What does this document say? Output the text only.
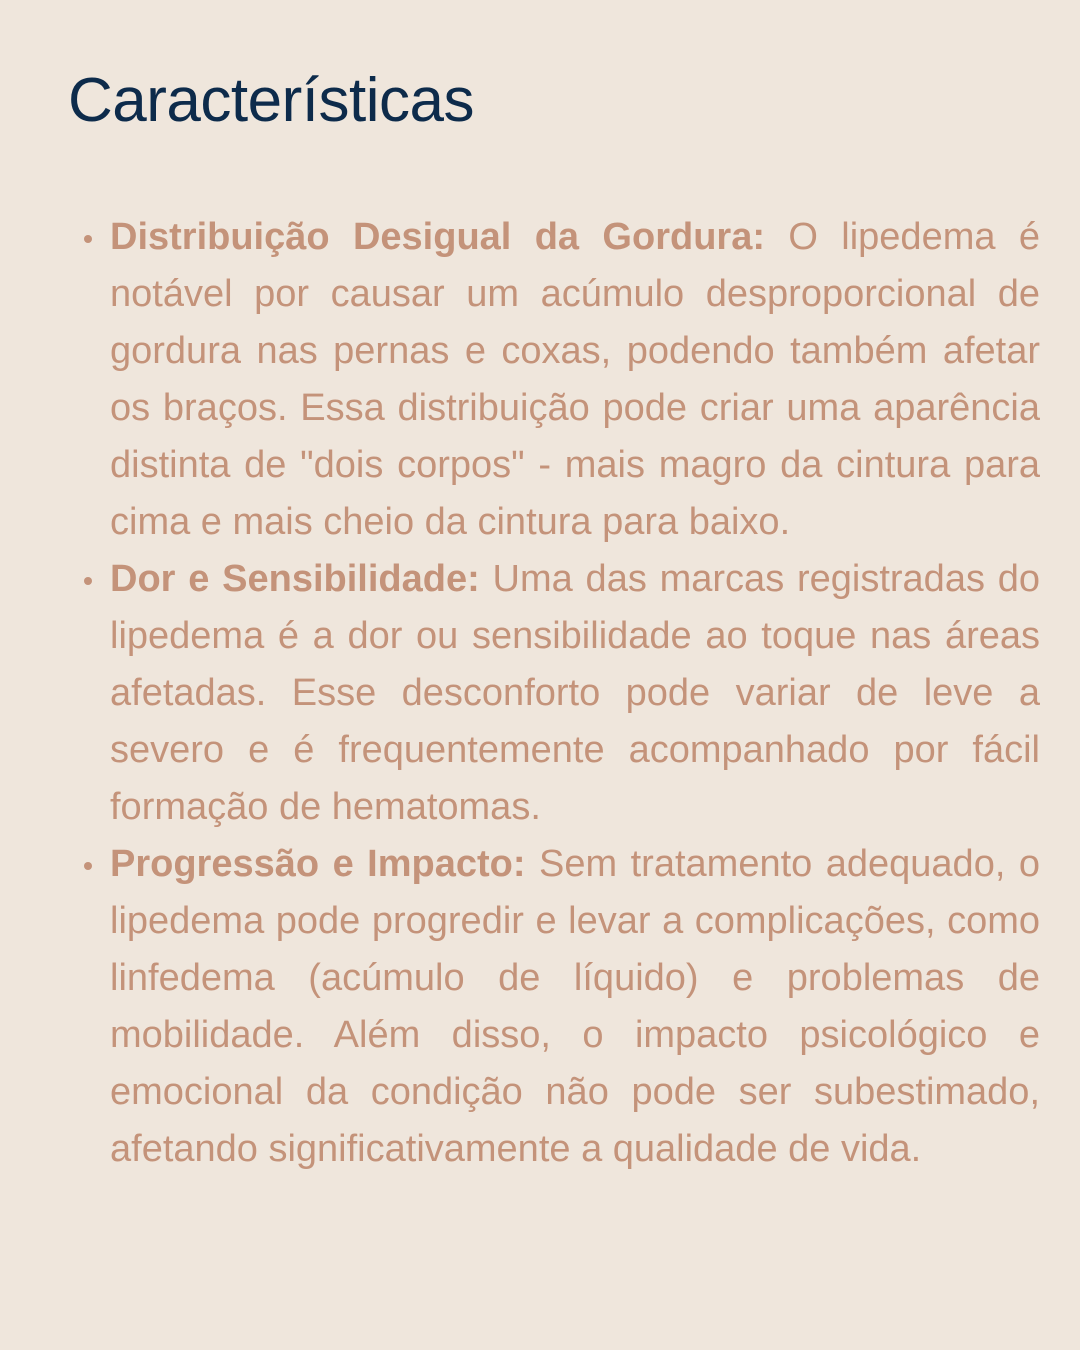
Características
Distribuição Desigual da Gordura: O lipedema é notável por causar um acúmulo desproporcional de gordura nas pernas e coxas, podendo também afetar os braços. Essa distribuição pode criar uma aparência distinta de "dois corpos" - mais magro da cintura para cima e mais cheio da cintura para baixo.
Dor e Sensibilidade: Uma das marcas registradas do lipedema é a dor ou sensibilidade ao toque nas áreas afetadas. Esse desconforto pode variar de leve a severo e é frequentemente acompanhado por fácil formação de hematomas.
Progressão e Impacto: Sem tratamento adequado, o lipedema pode progredir e levar a complicações, como linfedema (acúmulo de líquido) e problemas de mobilidade. Além disso, o impacto psicológico e emocional da condição não pode ser subestimado, afetando significativamente a qualidade de vida.
